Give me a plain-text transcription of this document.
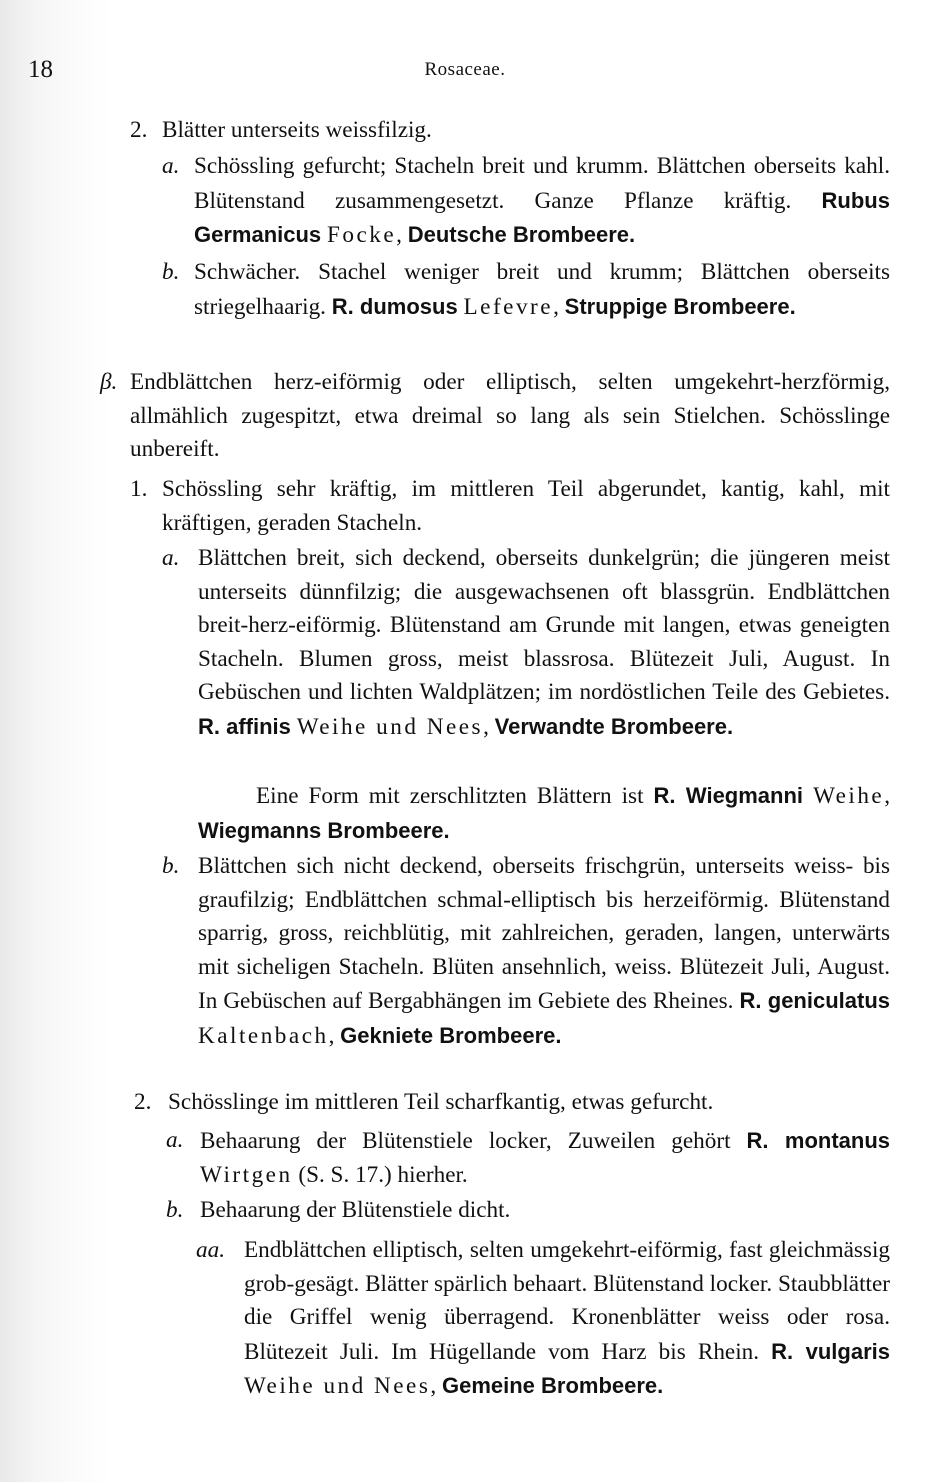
18	Rosaceae.
2. Blätter unterseits weissfilzig.
a. Schössling gefurcht; Stacheln breit und krumm. Blättchen oberseits kahl. Blütenstand zusammengesetzt. Ganze Pflanze kräftig. Rubus Germanicus Focke, Deutsche Brombeere.
b. Schwächer. Stachel weniger breit und krumm; Blättchen oberseits striegelhaarig. R. dumosus Lefevre, Struppige Brombeere.
β. Endblättchen herz-eiförmig oder elliptisch, selten umgekehrt-herzförmig, allmählich zugespitzt, etwa dreimal so lang als sein Stielchen. Schösslinge unbereift.
1. Schössling sehr kräftig, im mittleren Teil abgerundet, kantig, kahl, mit kräftigen, geraden Stacheln.
a. Blättchen breit, sich deckend, oberseits dunkelgrün; die jüngeren meist unterseits dünnfilzig; die ausgewachsenen oft blassgrün. Endblättchen breit-herz-eiförmig. Blütenstand am Grunde mit langen, etwas geneigten Stacheln. Blumen gross, meist blassrosa. Blütezeit Juli, August. In Gebüschen und lichten Waldplätzen; im nordöstlichen Teile des Gebietes. R. affinis Weihe und Nees, Verwandte Brombeere.
Eine Form mit zerschlitzten Blättern ist R. Wiegmanni Weihe, Wiegmanns Brombeere.
b. Blättchen sich nicht deckend, oberseits frischgrün, unterseits weiss- bis graufilzig; Endblättchen schmal-elliptisch bis herzeiförmig. Blütenstand sparrig, gross, reichblütig, mit zahlreichen, geraden, langen, unterwärts mit sicheligen Stacheln. Blüten ansehnlich, weiss. Blütezeit Juli, August. In Gebüschen auf Bergabhängen im Gebiete des Rheines. R. geniculatus Kaltenbach, Gekniete Brombeere.
2. Schösslinge im mittleren Teil scharfkantig, etwas gefurcht.
a. Behaarung der Blütenstiele locker, Zuweilen gehört R. montanus Wirtgen (S. S. 17.) hierher.
b. Behaarung der Blütenstiele dicht.
aa. Endblättchen elliptisch, selten umgekehrt-eiförmig, fast gleichmässig grob-gesägt. Blätter spärlich behaart. Blütenstand locker. Staubblätter die Griffel wenig überragend. Kronenblätter weiss oder rosa. Blütezeit Juli. Im Hügellande vom Harz bis Rhein. R. vulgaris Weihe und Nees, Gemeine Brombeere.
